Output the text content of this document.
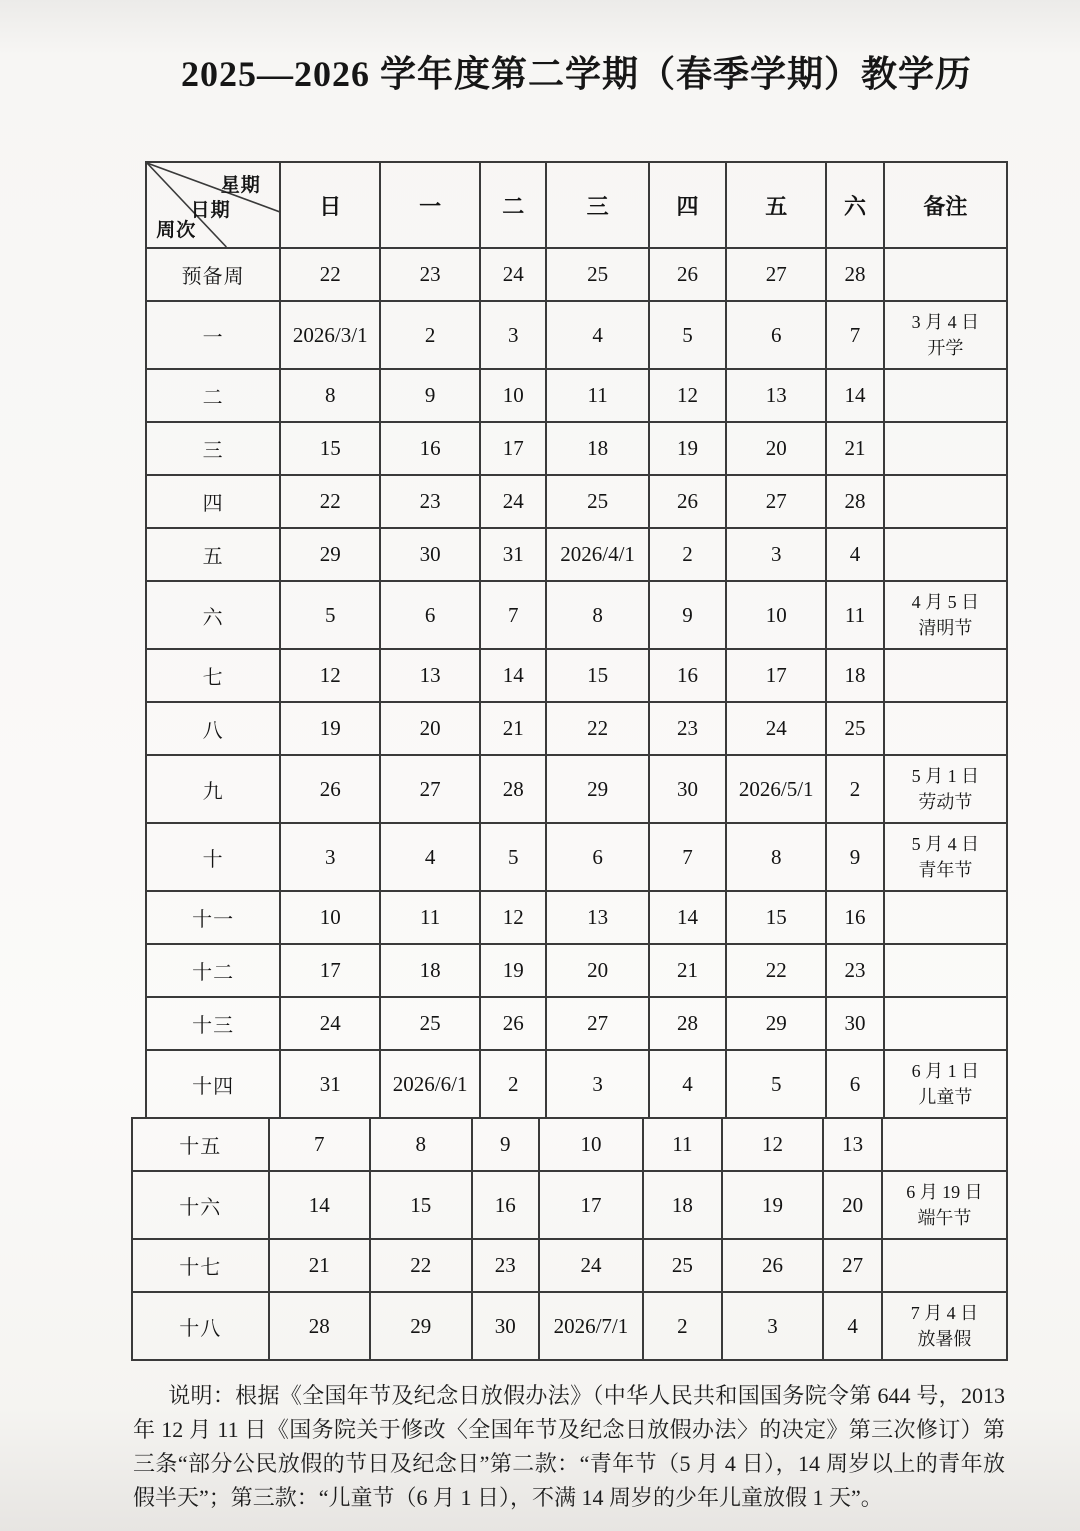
2025—2026 学年度第二学期（春季学期）教学历
星期
日期
周次	日	一	二	三	四	五	六	备注
预备周	22	23	24	25	26	27	28	

一	2026/3/1	2	3	4	5	6	7	3 月 4 日
开学

二	8	9	10	11	12	13	14	

三	15	16	17	18	19	20	21	

四	22	23	24	25	26	27	28	

五	29	30	31	2026/4/1	2	3	4	

六	5	6	7	8	9	10	11	4 月 5 日
清明节

七	12	13	14	15	16	17	18	

八	19	20	21	22	23	24	25	

九	26	27	28	29	30	2026/5/1	2	5 月 1 日
劳动节

十	3	4	5	6	7	8	9	5 月 4 日
青年节

十一	10	11	12	13	14	15	16	

十二	17	18	19	20	21	22	23	

十三	24	25	26	27	28	29	30	

十四	31	2026/6/1	2	3	4	5	6	6 月 1 日
儿童节
十五	7	8	9	10	11	12	13	

十六	14	15	16	17	18	19	20	6 月 19 日
端午节

十七	21	22	23	24	25	26	27	

十八	28	29	30	2026/7/1	2	3	4	7 月 4 日
放暑假

说明：根据《全国年节及纪念日放假办法》（中华人民共和国国务院令第 644 号，2013 年 12 月 11 日《国务院关于修改〈全国年节及纪念日放假办法〉的决定》第三次修订）第三条“部分公民放假的节日及纪念日”第二款：“青年节（5 月 4 日），14 周岁以上的青年放假半天”；第三款：“儿童节（6 月 1 日），不满 14 周岁的少年儿童放假 1 天”。
